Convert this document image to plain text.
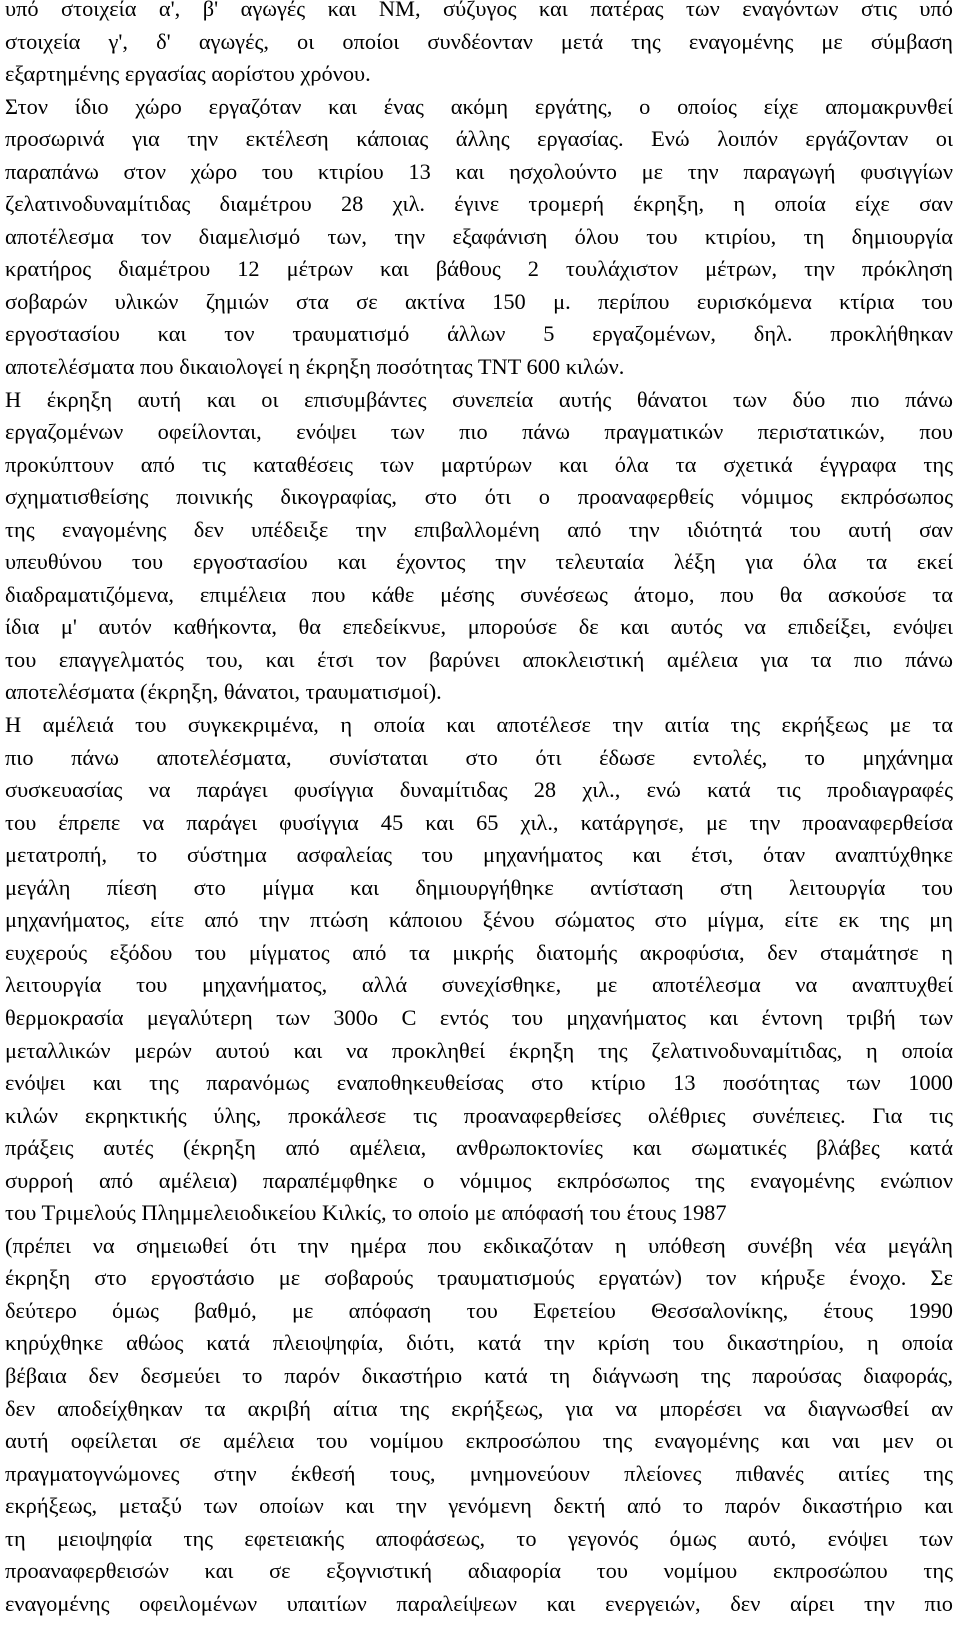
υπό στοιχεία α', β' αγωγές και ΝΜ, σύζυγος και πατέρας των εναγόντων στις υπό
στοιχεία γ', δ' αγωγές, οι οποίοι συνδέονταν μετά της εναγομένης με σύμβαση
εξαρτημένης εργασίας αορίστου χρόνου.
Στον ίδιο χώρο εργαζόταν και ένας ακόμη εργάτης, ο οποίος είχε απομακρυνθεί
προσωρινά για την εκτέλεση κάποιας άλλης εργασίας. Ενώ λοιπόν εργάζονταν οι
παραπάνω στον χώρο του κτιρίου 13 και ησχολούντο με την παραγωγή φυσιγγίων
ζελατινοδυναμίτιδας διαμέτρου 28 χιλ. έγινε τρομερή έκρηξη, η οποία είχε σαν
αποτέλεσμα τον διαμελισμό των, την εξαφάνιση όλου του κτιρίου, τη δημιουργία
κρατήρος διαμέτρου 12 μέτρων και βάθους 2 τουλάχιστον μέτρων, την πρόκληση
σοβαρών υλικών ζημιών στα σε ακτίνα 150 μ. περίπου ευρισκόμενα κτίρια του
εργοστασίου και τον τραυματισμό άλλων 5 εργαζομένων, δηλ. προκλήθηκαν
αποτελέσματα που δικαιολογεί η έκρηξη ποσότητας ΤΝΤ 600 κιλών.
Η έκρηξη αυτή και οι επισυμβάντες συνεπεία αυτής θάνατοι των δύο πιο πάνω
εργαζομένων οφείλονται, ενόψει των πιο πάνω πραγματικών περιστατικών, που
προκύπτουν από τις καταθέσεις των μαρτύρων και όλα τα σχετικά έγγραφα της
σχηματισθείσης ποινικής δικογραφίας, στο ότι ο προαναφερθείς νόμιμος εκπρόσωπος
της εναγομένης δεν υπέδειξε την επιβαλλομένη από την ιδιότητά του αυτή σαν
υπευθύνου του εργοστασίου και έχοντος την τελευταία λέξη για όλα τα εκεί
διαδραματιζόμενα, επιμέλεια που κάθε μέσης συνέσεως άτομο, που θα ασκούσε τα
ίδια μ' αυτόν καθήκοντα, θα επεδείκνυε, μπορούσε δε και αυτός να επιδείξει, ενόψει
του επαγγελματός του, και έτσι τον βαρύνει αποκλειστική αμέλεια για τα πιο πάνω
αποτελέσματα (έκρηξη, θάνατοι, τραυματισμοί).
Η αμέλειά του συγκεκριμένα, η οποία και αποτέλεσε την αιτία της εκρήξεως με τα
πιο πάνω αποτελέσματα, συνίσταται στο ότι έδωσε εντολές, το μηχάνημα
συσκευασίας να παράγει φυσίγγια δυναμίτιδας 28 χιλ., ενώ κατά τις προδιαγραφές
του έπρεπε να παράγει φυσίγγια 45 και 65 χιλ., κατάργησε, με την προαναφερθείσα
μετατροπή, το σύστημα ασφαλείας του μηχανήματος και έτσι, όταν αναπτύχθηκε
μεγάλη πίεση στο μίγμα και δημιουργήθηκε αντίσταση στη λειτουργία του
μηχανήματος, είτε από την πτώση κάποιου ξένου σώματος στο μίγμα, είτε εκ της μη
ευχερούς εξόδου του μίγματος από τα μικρής διατομής ακροφύσια, δεν σταμάτησε η
λειτουργία του μηχανήματος, αλλά συνεχίσθηκε, με αποτέλεσμα να αναπτυχθεί
θερμοκρασία μεγαλύτερη των 300ο C εντός του μηχανήματος και έντονη τριβή των
μεταλλικών μερών αυτού και να προκληθεί έκρηξη της ζελατινοδυναμίτιδας, η οποία
ενόψει και της παρανόμως εναποθηκευθείσας στο κτίριο 13 ποσότητας των 1000
κιλών εκρηκτικής ύλης, προκάλεσε τις προαναφερθείσες ολέθριες συνέπειες. Για τις
πράξεις αυτές (έκρηξη από αμέλεια, ανθρωποκτονίες και σωματικές βλάβες κατά
συρροή από αμέλεια) παραπέμφθηκε ο νόμιμος εκπρόσωπος της εναγομένης ενώπιον
του Τριμελούς Πλημμελειοδικείου Κιλκίς, το οποίο με απόφασή του έτους 1987
(πρέπει να σημειωθεί ότι την ημέρα που εκδικαζόταν η υπόθεση συνέβη νέα μεγάλη
έκρηξη στο εργοστάσιο με σοβαρούς τραυματισμούς εργατών) τον κήρυξε ένοχο. Σε
δεύτερο όμως βαθμό, με απόφαση του Εφετείου Θεσσαλονίκης, έτους 1990
κηρύχθηκε αθώος κατά πλειοψηφία, διότι, κατά την κρίση του δικαστηρίου, η οποία
βέβαια δεν δεσμεύει το παρόν δικαστήριο κατά τη διάγνωση της παρούσας διαφοράς,
δεν αποδείχθηκαν τα ακριβή αίτια της εκρήξεως, για να μπορέσει να διαγνωσθεί αν
αυτή οφείλεται σε αμέλεια του νομίμου εκπροσώπου της εναγομένης και ναι μεν οι
πραγματογνώμονες στην έκθεσή τους, μνημονεύουν πλείονες πιθανές αιτίες της
εκρήξεως, μεταξύ των οποίων και την γενόμενη δεκτή από το παρόν δικαστήριο και
τη μειοψηφία της εφετειακής αποφάσεως, το γεγονός όμως αυτό, ενόψει των
προαναφερθεισών και σε εξογνιστική αδιαφορία του νομίμου εκπροσώπου της
εναγομένης οφειλομένων υπαιτίων παραλείψεων και ενεργειών, δεν αίρει την πιο
